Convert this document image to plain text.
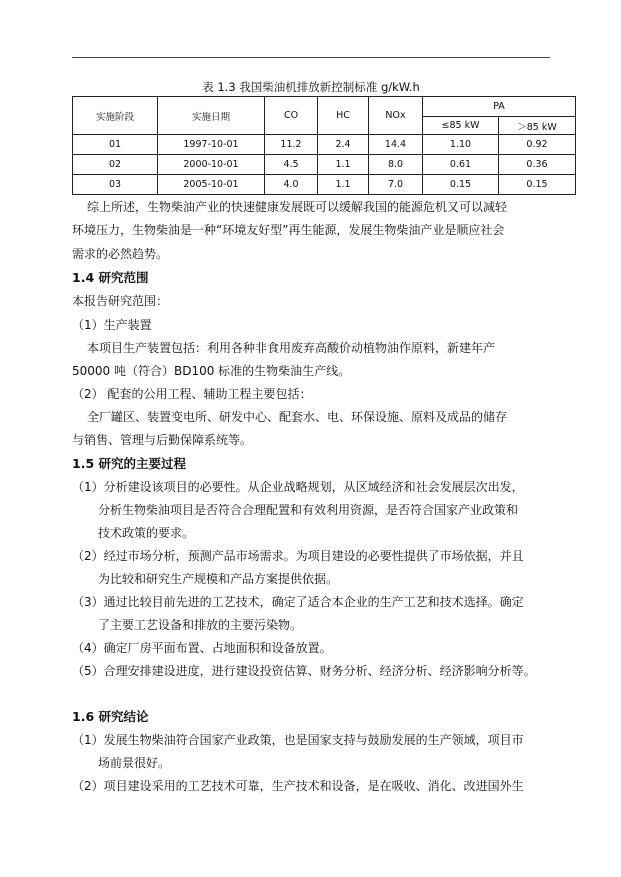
表 1.3 我国柴油机排放新控制标准 g/kW.h
实施阶段	实施日期	CO	HC	NOx	PA	
					≤85 kW	＞85 kW
01	1997-10-01	11.2	2.4	14.4	1.10	0.92
02	2000-10-01	4.5	1.1	8.0	0.61	0.36
03	2005-10-01	4.0	1.1	7.0	0.15	0.15
综上所述，生物柴油产业的快速健康发展既可以缓解我国的能源危机又可以减轻
环境压力，生物柴油是一种“环境友好型”再生能源，发展生物柴油产业是顺应社会
需求的必然趋势。
1.4 研究范围
本报告研究范围：
（1）生产装置
本项目生产装置包括：利用各种非食用废弃高酸价动植物油作原料，新建年产
50000 吨（符合）BD100 标准的生物柴油生产线。
（2） 配套的公用工程、辅助工程主要包括：
全厂罐区、装置变电所、研发中心、配套水、电、环保设施、原料及成品的储存
与销售、管理与后勤保障系统等。
1.5 研究的主要过程
（1）分析建设该项目的必要性。从企业战略规划，从区域经济和社会发展层次出发，
分析生物柴油项目是否符合合理配置和有效利用资源，是否符合国家产业政策和
技术政策的要求。
（2）经过市场分析，预测产品市场需求。为项目建设的必要性提供了市场依据，并且
为比较和研究生产规模和产品方案提供依据。
（3）通过比较目前先进的工艺技术，确定了适合本企业的生产工艺和技术选择。确定
了主要工艺设备和排放的主要污染物。
（4）确定厂房平面布置、占地面积和设备放置。
（5）合理安排建设进度，进行建设投资估算、财务分析、经济分析、经济影响分析等。
1.6 研究结论
（1）发展生物柴油符合国家产业政策，也是国家支持与鼓励发展的生产领域，项目市
场前景很好。
（2）项目建设采用的工艺技术可靠，生产技术和设备，是在吸收、消化、改进国外生
